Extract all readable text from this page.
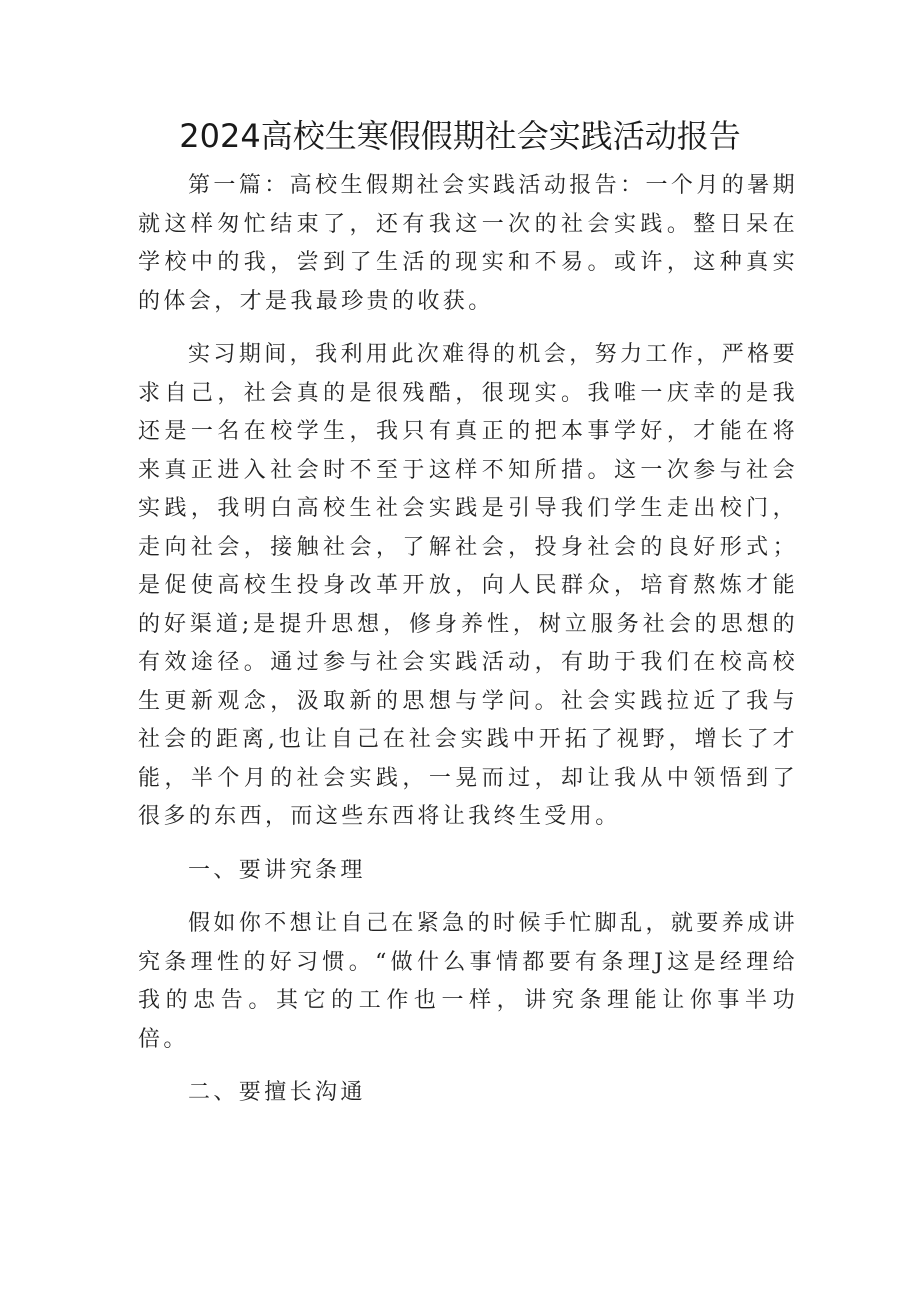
2024高校生寒假假期社会实践活动报告

第一篇：高校生假期社会实践活动报告：一个月的暑期就这样匆忙结束了，还有我这一次的社会实践。整日呆在学校中的我，尝到了生活的现实和不易。或许，这种真实的体会，才是我最珍贵的收获。

实习期间，我利用此次难得的机会，努力工作，严格要求自己，社会真的是很残酷，很现实。我唯一庆幸的是我还是一名在校学生，我只有真正的把本事学好，才能在将来真正进入社会时不至于这样不知所措。这一次参与社会实践，我明白高校生社会实践是引导我们学生走出校门，走向社会，接触社会，了解社会，投身社会的良好形式；是促使高校生投身改革开放，向人民群众，培育熬炼才能的好渠道;是提升思想，修身养性，树立服务社会的思想的有效途径。通过参与社会实践活动，有助于我们在校高校生更新观念，汲取新的思想与学问。社会实践拉近了我与社会的距离,也让自己在社会实践中开拓了视野，增长了才能，半个月的社会实践，一晃而过，却让我从中领悟到了很多的东西，而这些东西将让我终生受用。

一、要讲究条理

假如你不想让自己在紧急的时候手忙脚乱，就要养成讲究条理性的好习惯。“做什么事情都要有条理J这是经理给我的忠告。其它的工作也一样，讲究条理能让你事半功倍。

二、要擅长沟通
